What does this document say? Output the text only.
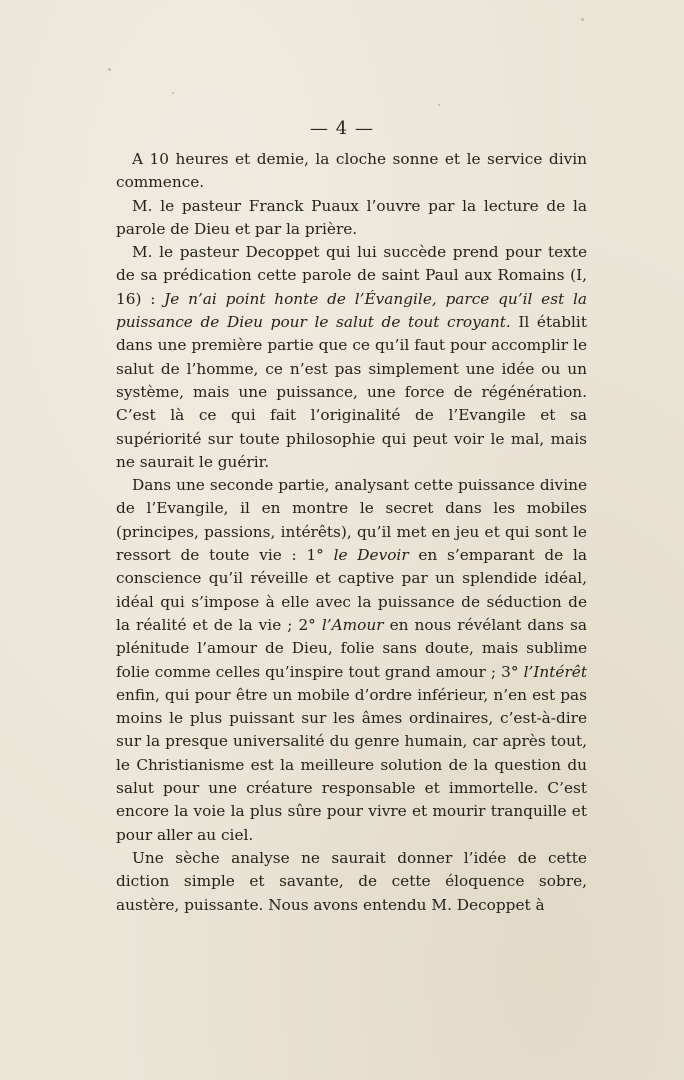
— 4 —

A 10 heures et demie, la cloche sonne et le service divin commence.

M. le pasteur Franck Puaux l’ouvre par la lecture de la parole de Dieu et par la prière.

M. le pasteur Decoppet qui lui succède prend pour texte de sa prédication cette parole de saint Paul aux Romains (I, 16) : Je n’ai point honte de l’Évangile, parce qu’il est la puissance de Dieu pour le salut de tout croyant. Il établit dans une première partie que ce qu’il faut pour accomplir le salut de l’homme, ce n’est pas simplement une idée ou un système, mais une puissance, une force de régénération. C’est là ce qui fait l’originalité de l’Evangile et sa supériorité sur toute philosophie qui peut voir le mal, mais ne saurait le guérir.

Dans une seconde partie, analysant cette puissance divine de l’Evangile, il en montre le secret dans les mobiles (principes, passions, intérêts), qu’il met en jeu et qui sont le ressort de toute vie : 1° le Devoir en s’emparant de la conscience qu’il réveille et captive par un splendide idéal, idéal qui s’impose à elle avec la puissance de séduction de la réalité et de la vie ; 2° l’Amour en nous révélant dans sa plénitude l’amour de Dieu, folie sans doute, mais sublime folie comme celles qu’inspire tout grand amour ; 3° l’Intérêt enfin, qui pour être un mobile d’ordre inférieur, n’en est pas moins le plus puissant sur les âmes ordinaires, c’est-à-dire sur la presque universalité du genre humain, car après tout, le Christianisme est la meilleure solution de la question du salut pour une créature responsable et immortelle. C’est encore la voie la plus sûre pour vivre et mourir tranquille et pour aller au ciel.

Une sèche analyse ne saurait donner l’idée de cette diction simple et savante, de cette éloquence sobre, austère, puissante. Nous avons entendu M. Decoppet à
